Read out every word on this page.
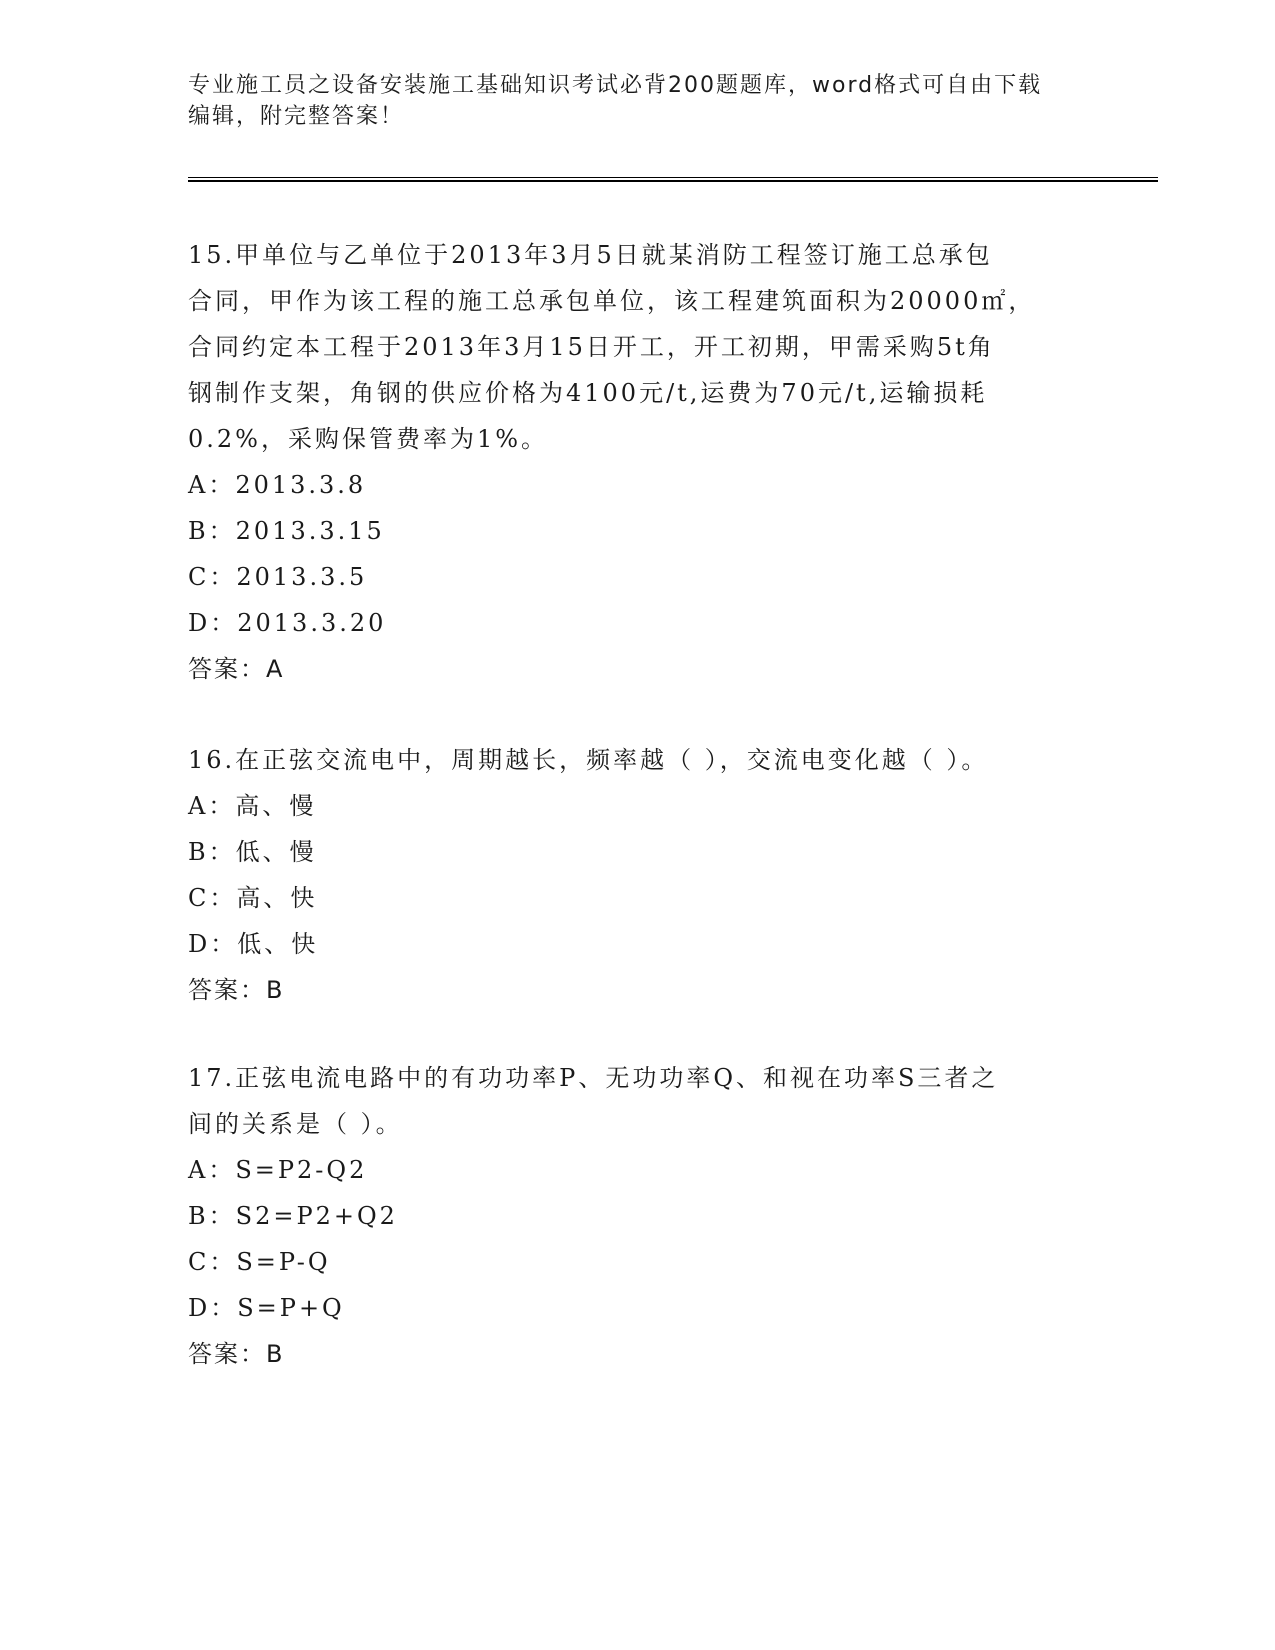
专业施工员之设备安装施工基础知识考试必背200题题库，word格式可自由下载
编辑，附完整答案！
15.甲单位与乙单位于2013年3月5日就某消防工程签订施工总承包
合同，甲作为该工程的施工总承包单位，该工程建筑面积为20000㎡，
合同约定本工程于2013年3月15日开工，开工初期，甲需采购5t角
钢制作支架，角钢的供应价格为4100元/t,运费为70元/t,运输损耗
0.2%，采购保管费率为1%。
A：2013.3.8
B：2013.3.15
C：2013.3.5
D：2013.3.20
答案：A
16.在正弦交流电中，周期越长，频率越（ ），交流电变化越（ ）。
A：高、慢
B：低、慢
C：高、快
D：低、快
答案：B
17.正弦电流电路中的有功功率P、无功功率Q、和视在功率S三者之
间的关系是（ ）。
A：S=P2-Q2
B：S2=P2+Q2
C：S=P-Q
D：S=P+Q
答案：B
